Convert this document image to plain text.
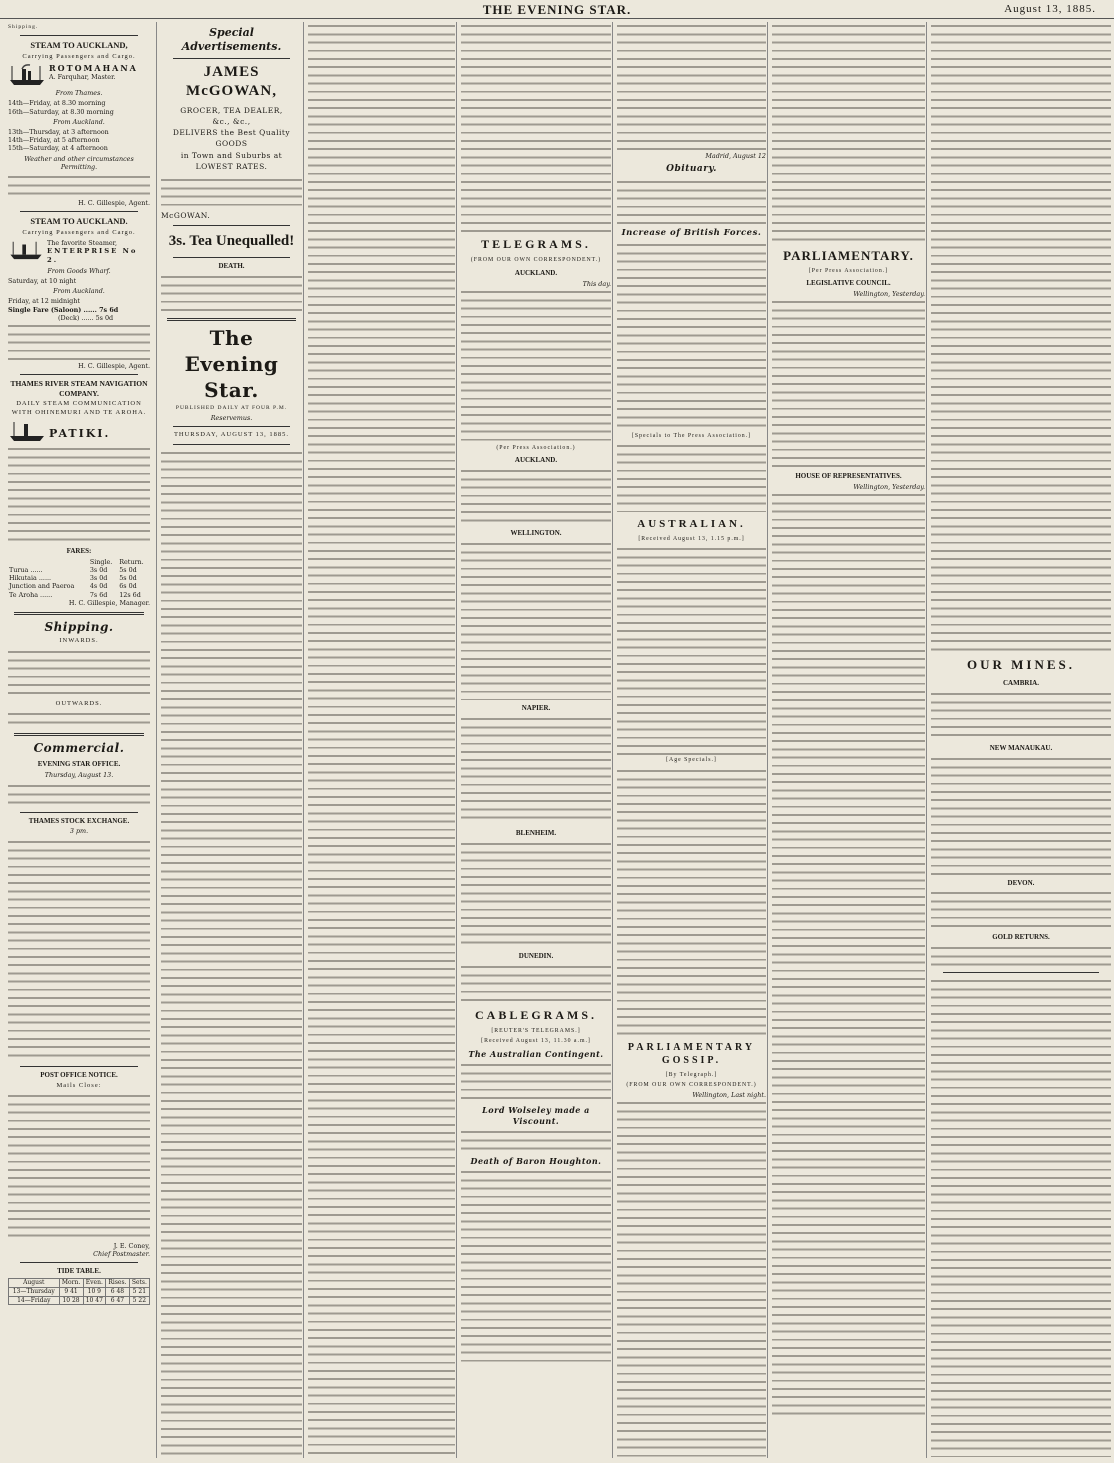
THE EVENING STAR.	August 13, 1885.
Shipping.
STEAM TO AUCKLAND,
Carrying Passengers and Cargo.
ROTOMAHANA
A. Farquhar, Master.
From Thames.
14th—Friday, at 8.30 morning
16th—Saturday, at 8.30 morning
From Auckland.
13th—Thursday, at 3 afternoon
14th—Friday, at 5 afternoon
15th—Saturday, at 4 afternoon
Weather and other circumstances Permitting.
H. C. Gillespie, Agent.
STEAM TO AUCKLAND.
Carrying Passengers and Cargo.
The favorite Steamer,
ENTERPRISE No 2.
From Goods Wharf.
Saturday, at 10 night
From Auckland.
Friday, at 12 midnight
Single Fare (Saloon) ...... 7s 6d
(Deck) ...... 5s 0d
H. C. Gillespie, Agent.
THAMES RIVER STEAM NAVIGATION COMPANY.
DAILY STEAM COMMUNICATION WITH OHINEMURI AND TE AROHA.
PATIKI.
FARES:
	Single.	Return.
Turua ......	3s 0d	5s 0d
Hikutaia ......	3s 0d	5s 0d
Junction and Paeroa	4s 0d	6s 0d
Te Aroha ......	7s 6d	12s 6d
H. C. Gillespie, Manager.
Shipping.
INWARDS.
OUTWARDS.
Commercial.
EVENING STAR OFFICE.
Thursday, August 13.
THAMES STOCK EXCHANGE.
3 pm.
POST OFFICE NOTICE.
Mails Close:
J. E. Coney,
Chief Postmaster.
TIDE TABLE.
August	Morn.	Even.	Rises.	Sets.
13—Thursday	9 41	10 9	6 48	5 21
14—Friday	10 28	10 47	6 47	5 22
Special Advertisements.
JAMES McGOWAN,
GROCER, TEA DEALER,
&c., &c.,
DELIVERS the Best Quality GOODS
in Town and Suburbs at
LOWEST RATES.
McGOWAN.
3s. Tea Unequalled!
DEATH.
The Evening Star.
PUBLISHED DAILY AT FOUR P.M.
Reservemus.
THURSDAY, AUGUST 13, 1885.
TELEGRAMS.
(FROM OUR OWN CORRESPONDENT.)
AUCKLAND.
This day.
(Per Press Association.)
AUCKLAND.
WELLINGTON.
NAPIER.
BLENHEIM.
DUNEDIN.
CABLEGRAMS.
[REUTER'S TELEGRAMS.]
[Received August 13, 11.30 a.m.]
The Australian Contingent.
Lord Wolseley made a Viscount.
Death of Baron Houghton.
Madrid, August 12
Obituary.
Increase of British Forces.
[Specials to The Press Association.]
AUSTRALIAN.
[Received August 13, 1.15 p.m.]
[Age Specials.]
PARLIAMENTARY GOSSIP.
[By Telegraph.]
(FROM OUR OWN CORRESPONDENT.)
Wellington, Last night.
PARLIAMENTARY.
[Per Press Association.]
LEGISLATIVE COUNCIL.
Wellington, Yesterday.
HOUSE OF REPRESENTATIVES.
Wellington, Yesterday.
OUR MINES.
CAMBRIA.
NEW MANAUKAU.
DEVON.
GOLD RETURNS.
